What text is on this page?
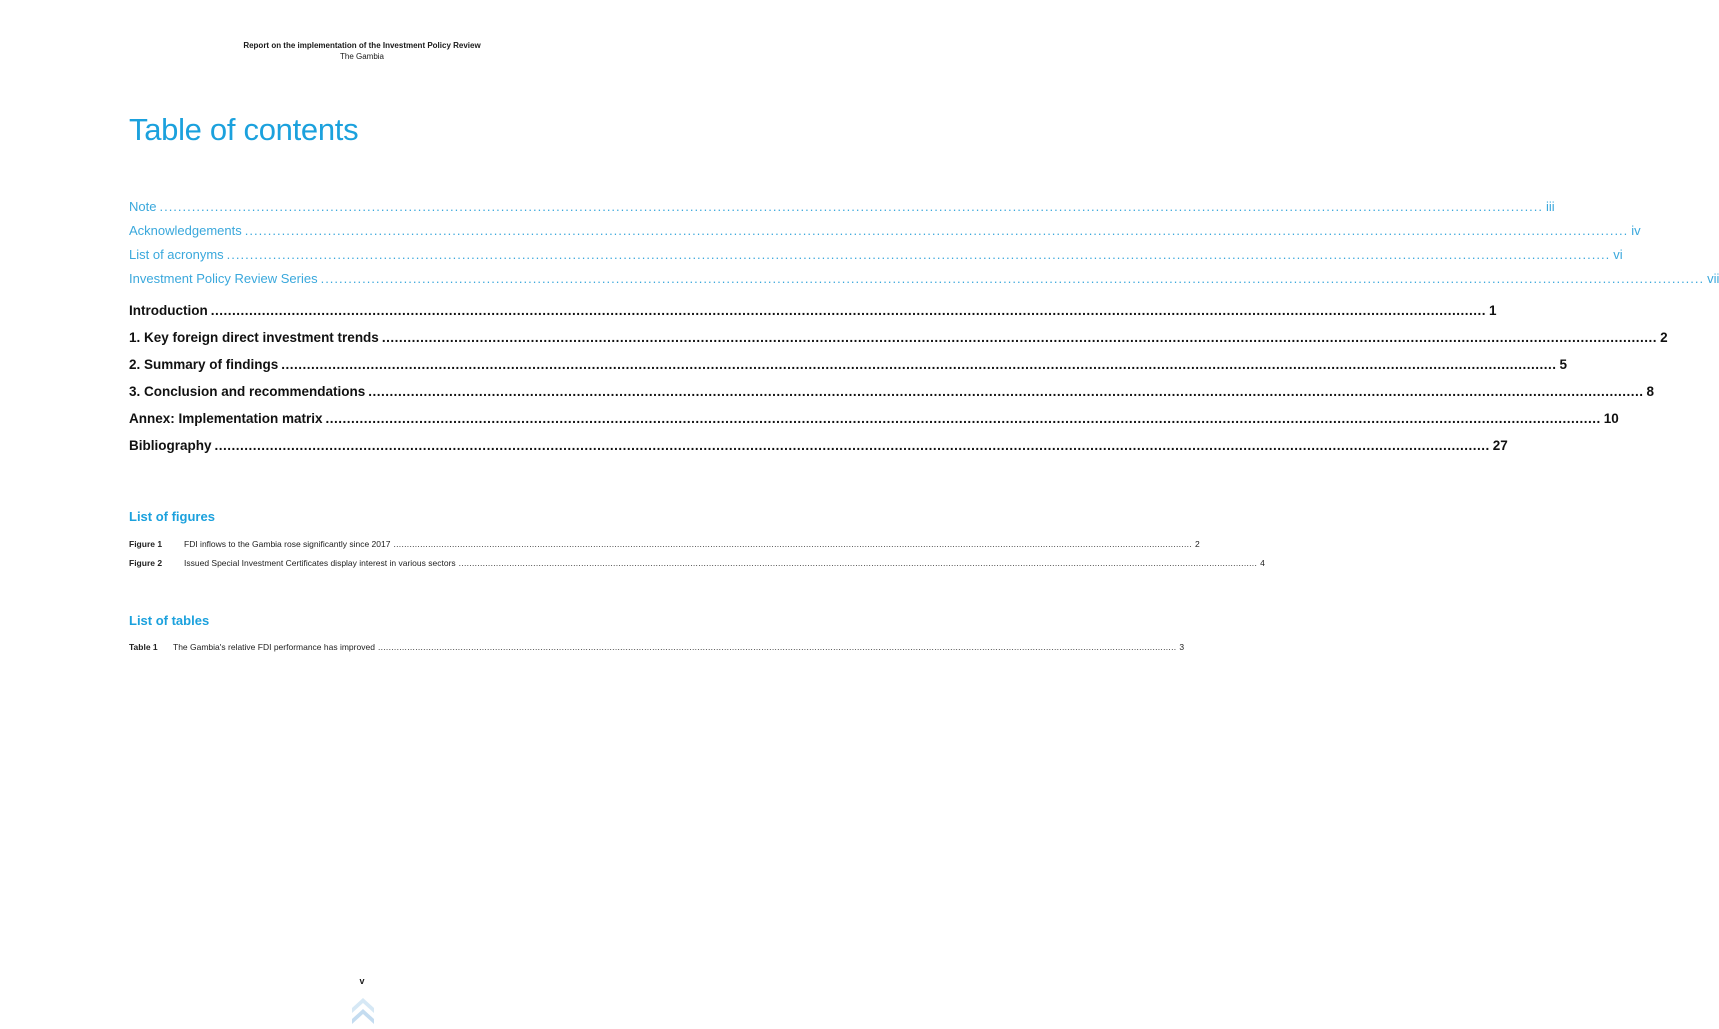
Report on the implementation of the Investment Policy Review
The Gambia
Table of contents
Note ............................................................................................................................................................................................................................................................................................................ iii
Acknowledgements ............................................................................................................................................................................................................................................................................................................ iv
List of acronyms ............................................................................................................................................................................................................................................................................................................ vi
Investment Policy Review Series ............................................................................................................................................................................................................................................................................................................ vii
Introduction ............................................................................................................................................................................................................................................................................................................ 1
1. Key foreign direct investment trends ............................................................................................................................................................................................................................................................................................................ 2
2. Summary of findings ............................................................................................................................................................................................................................................................................................................ 5
3. Conclusion and recommendations ............................................................................................................................................................................................................................................................................................................ 8
Annex: Implementation matrix ............................................................................................................................................................................................................................................................................................................ 10
Bibliography ............................................................................................................................................................................................................................................................................................................ 27
List of figures
Figure 1	FDI inflows to the Gambia rose significantly since 2017 ............................................................................................................................................................................................................................................................................................................ 2
Figure 2	Issued Special Investment Certificates display interest in various sectors ............................................................................................................................................................................................................................................................................................................ 4
List of tables
Table 1	The Gambia's relative FDI performance has improved ............................................................................................................................................................................................................................................................................................................ 3
v
